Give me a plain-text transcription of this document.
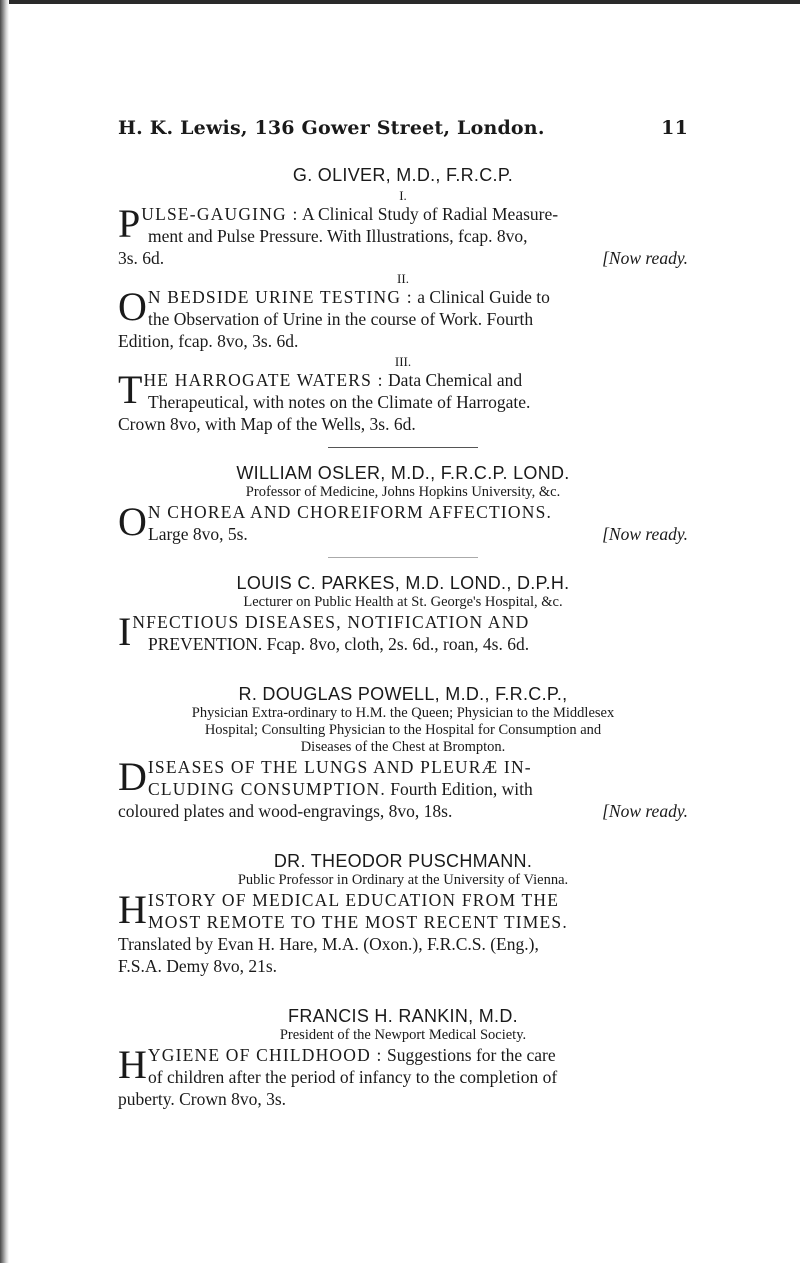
H. K. Lewis, 136 Gower Street, London.	11
G. OLIVER, M.D., F.R.C.P.
I.

PULSE-GAUGING : A Clinical Study of Radial Measure-

ment and Pulse Pressure. With Illustrations, fcap. 8vo,

3s. 6d.	[Now ready.

II.

O N BEDSIDE URINE TESTING : a Clinical Guide to

the Observation of Urine in the course of Work. Fourth

Edition, fcap. 8vo, 3s. 6d.

III.

THE HARROGATE WATERS : Data Chemical and

Therapeutical, with notes on the Climate of Harrogate.

Crown 8vo, with Map of the Wells, 3s. 6d.

WILLIAM OSLER, M.D., F.R.C.P. LOND.
Professor of Medicine, Johns Hopkins University, &c.

O N CHOREA AND CHOREIFORM AFFECTIONS.

Large 8vo, 5s.	[Now ready.

LOUIS C. PARKES, M.D. LOND., D.P.H.
Lecturer on Public Health at St. George's Hospital, &c.

INFECTIOUS DISEASES, NOTIFICATION AND

PREVENTION. Fcap. 8vo, cloth, 2s. 6d., roan, 4s. 6d.

R. DOUGLAS POWELL, M.D., F.R.C.P.,
Physician Extra-ordinary to H.M. the Queen; Physician to the Middlesex
Hospital; Consulting Physician to the Hospital for Consumption and
Diseases of the Chest at Brompton.

DISEASES OF THE LUNGS AND PLEURÆ IN-

CLUDING CONSUMPTION. Fourth Edition, with

coloured plates and wood-engravings, 8vo, 18s.	[Now ready.

DR. THEODOR PUSCHMANN.
Public Professor in Ordinary at the University of Vienna.

HISTORY OF MEDICAL EDUCATION FROM THE

MOST REMOTE TO THE MOST RECENT TIMES.

Translated by Evan H. Hare, M.A. (Oxon.), F.R.C.S. (Eng.),

F.S.A. Demy 8vo, 21s.

FRANCIS H. RANKIN, M.D.
President of the Newport Medical Society.

HYGIENE OF CHILDHOOD : Suggestions for the care

of children after the period of infancy to the completion of

puberty. Crown 8vo, 3s.
